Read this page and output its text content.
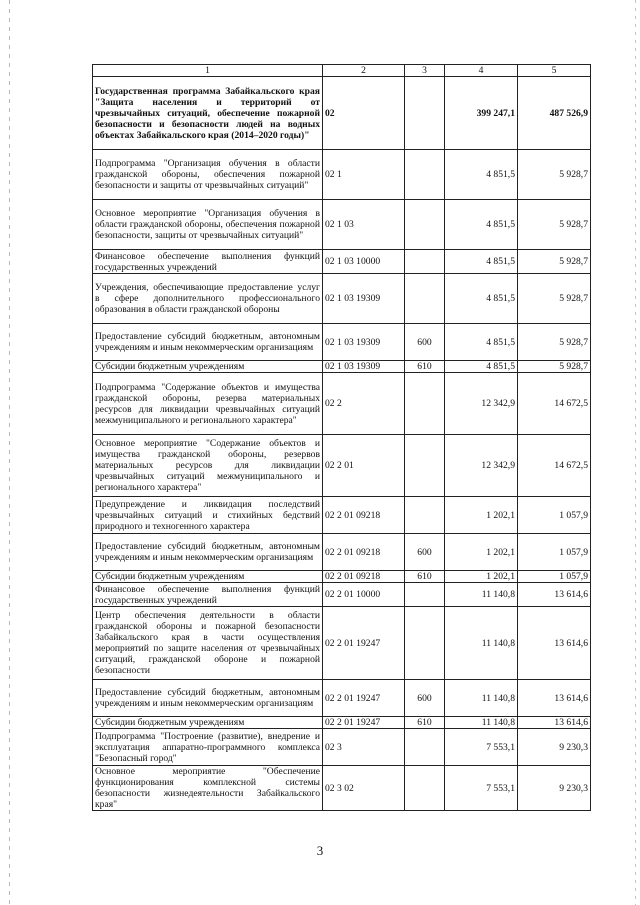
1	2	3	4	5
Государственная программа Забайкальского края "Защита населения и территорий от чрезвычайных ситуаций, обеспечение пожарной безопасности и безопасности людей на водных объектах Забайкальского края (2014–2020 годы)"	02		399 247,1	487 526,9
Подпрограмма "Организация обучения в области гражданской обороны, обеспечения пожарной безопасности и защиты от чрезвычайных ситуаций"	02 1		4 851,5	5 928,7
Основное мероприятие "Организация обучения в области гражданской обороны, обеспечения пожарной безопасности, защиты от чрезвычайных ситуаций"	02 1 03		4 851,5	5 928,7
Финансовое обеспечение выполнения функций государственных учреждений	02 1 03 10000		4 851,5	5 928,7
Учреждения, обеспечивающие предоставление услуг в сфере дополнительного профессионального образования в области гражданской обороны	02 1 03 19309		4 851,5	5 928,7
Предоставление субсидий бюджетным, автономным учреждениям и иным некоммерческим организациям	02 1 03 19309	600	4 851,5	5 928,7
Субсидии бюджетным учреждениям	02 1 03 19309	610	4 851,5	5 928,7
Подпрограмма "Содержание объектов и имущества гражданской обороны, резерва материальных ресурсов для ликвидации чрезвычайных ситуаций межмуниципального и регионального характера"	02 2		12 342,9	14 672,5
Основное мероприятие "Содержание объектов и имущества гражданской обороны, резервов материальных ресурсов для ликвидации чрезвычайных ситуаций межмуниципального и регионального характера"	02 2 01		12 342,9	14 672,5
Предупреждение и ликвидация последствий чрезвычайных ситуаций и стихийных бедствий природного и техногенного характера	02 2 01 09218		1 202,1	1 057,9
Предоставление субсидий бюджетным, автономным учреждениям и иным некоммерческим организациям	02 2 01 09218	600	1 202,1	1 057,9
Субсидии бюджетным учреждениям	02 2 01 09218	610	1 202,1	1 057,9
Финансовое обеспечение выполнения функций государственных учреждений	02 2 01 10000		11 140,8	13 614,6
Центр обеспечения деятельности в области гражданской обороны и пожарной безопасности Забайкальского края в части осуществления мероприятий по защите населения от чрезвычайных ситуаций, гражданской обороне и пожарной безопасности	02 2 01 19247		11 140,8	13 614,6
Предоставление субсидий бюджетным, автономным учреждениям и иным некоммерческим организациям	02 2 01 19247	600	11 140,8	13 614,6
Субсидии бюджетным учреждениям	02 2 01 19247	610	11 140,8	13 614,6
Подпрограмма "Построение (развитие), внедрение и эксплуатация аппаратно-программного комплекса "Безопасный город"	02 3		7 553,1	9 230,3
Основное мероприятие "Обеспечение функционирования комплексной системы безопасности жизнедеятельности Забайкальского края"	02 3 02		7 553,1	9 230,3
3
